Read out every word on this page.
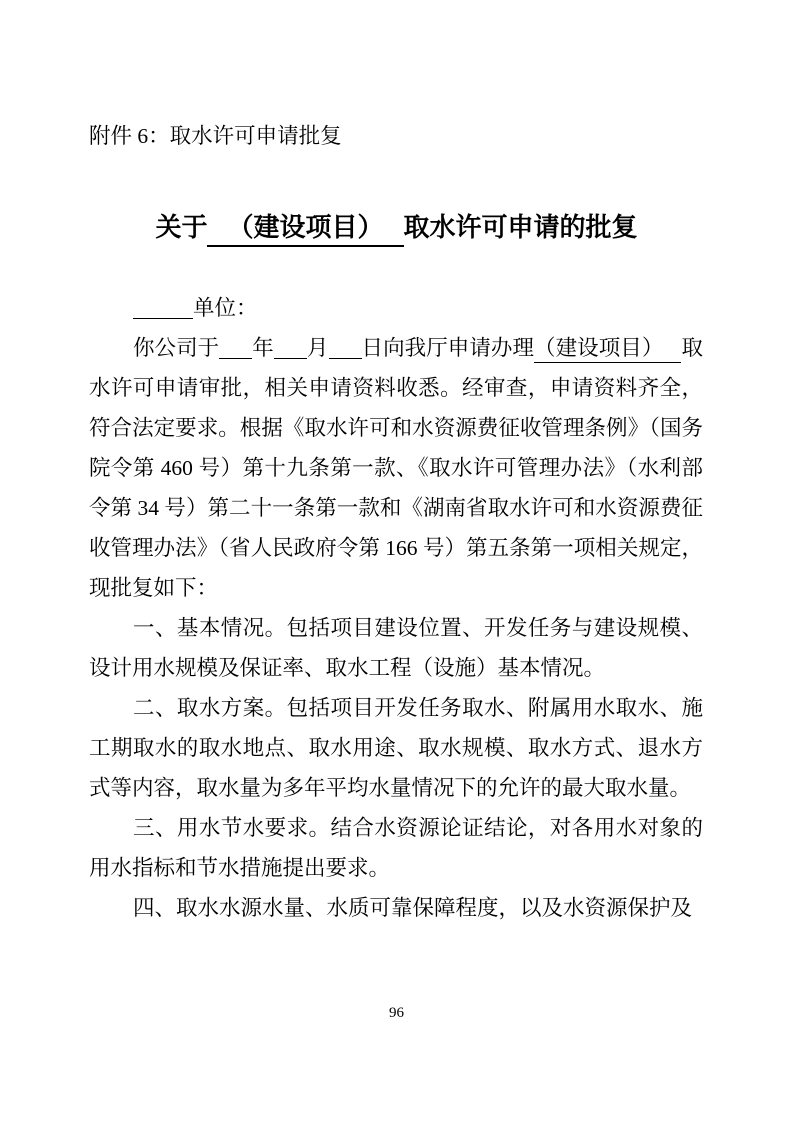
附件 6：取水许可申请批复
关于 （建设项目） 取水许可申请的批复

单位：

你公司于 年 月 日向我厅申请办理（建设项目） 取水许可申请审批，相关申请资料收悉。经审查，申请资料齐全，符合法定要求。根据《取水许可和水资源费征收管理条例》（国务院令第 460 号）第十九条第一款、《取水许可管理办法》（水利部令第 34 号）第二十一条第一款和《湖南省取水许可和水资源费征收管理办法》（省人民政府令第 166 号）第五条第一项相关规定，现批复如下：

一、基本情况。包括项目建设位置、开发任务与建设规模、设计用水规模及保证率、取水工程（设施）基本情况。

二、取水方案。包括项目开发任务取水、附属用水取水、施工期取水的取水地点、取水用途、取水规模、取水方式、退水方式等内容，取水量为多年平均水量情况下的允许的最大取水量。

三、用水节水要求。结合水资源论证结论，对各用水对象的用水指标和节水措施提出要求。

四、取水水源水量、水质可靠保障程度，以及水资源保护及

96
